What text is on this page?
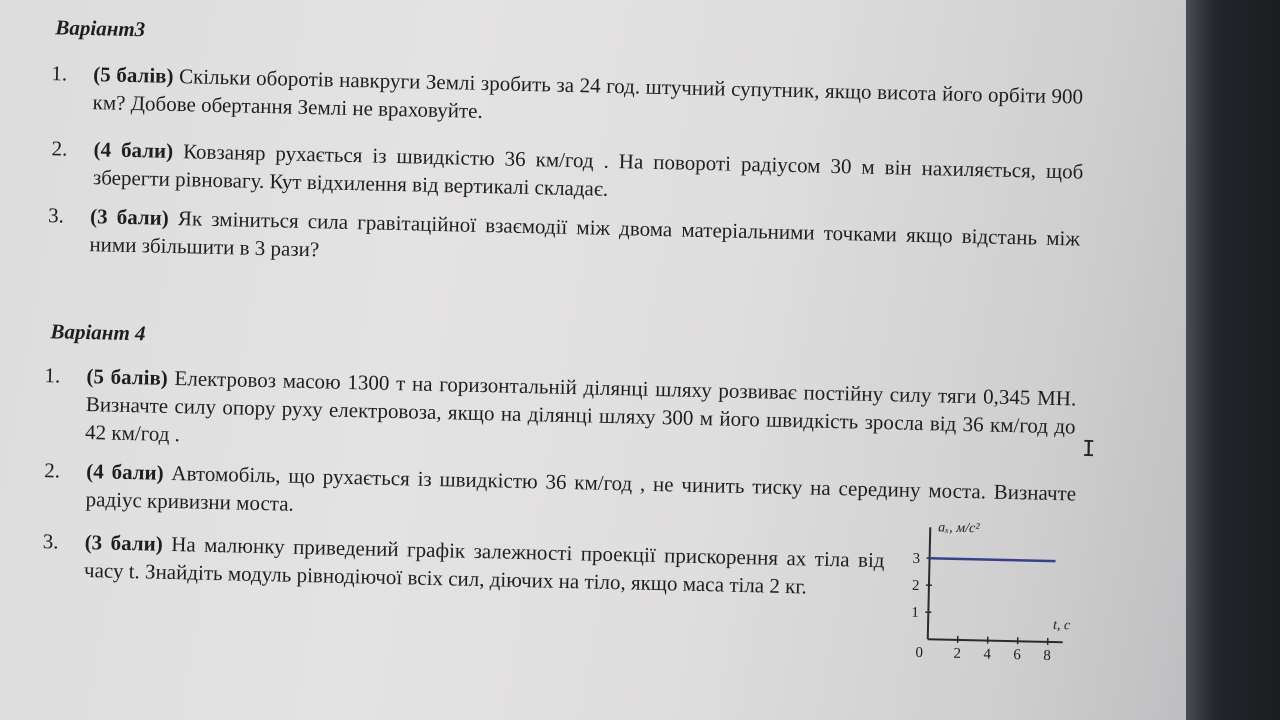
Варіант3
1. (5 балів) Скільки оборотів навкруги Землі зробить за 24 год. штучний супутник, якщо висота його орбіти 900 км? Добове обертання Землі не враховуйте.
2. (4 бали) Ковзаняр рухається із швидкістю 36 км/год . На повороті радіусом 30 м він нахиляється, щоб зберегти рівновагу. Кут відхилення від вертикалі складає.
3. (3 бали) Як зміниться сила гравітаційної взаємодії між двома матеріальними точками якщо відстань між ними збільшити в 3 рази?
Варіант 4
1. (5 балів) Електровоз масою 1300 т на горизонтальній ділянці шляху розвиває постійну силу тяги 0,345 МН. Визначте силу опору руху електровоза, якщо на ділянці шляху 300 м його швидкість зросла від 36 км/год до 42 км/год .
2. (4 бали) Автомобіль, що рухається із швидкістю 36 км/год , не чинить тиску на середину моста. Визначте радіус кривизни моста.
3. (3 бали) На малюнку приведений графік залежності проекції прискорення ах тіла від часу t. Знайдіть модуль рівнодіючої всіх сил, діючих на тіло, якщо маса тіла 2 кг.
aₓ, м/с²
t, с
0 2 4 6 8
1
2
3
I
